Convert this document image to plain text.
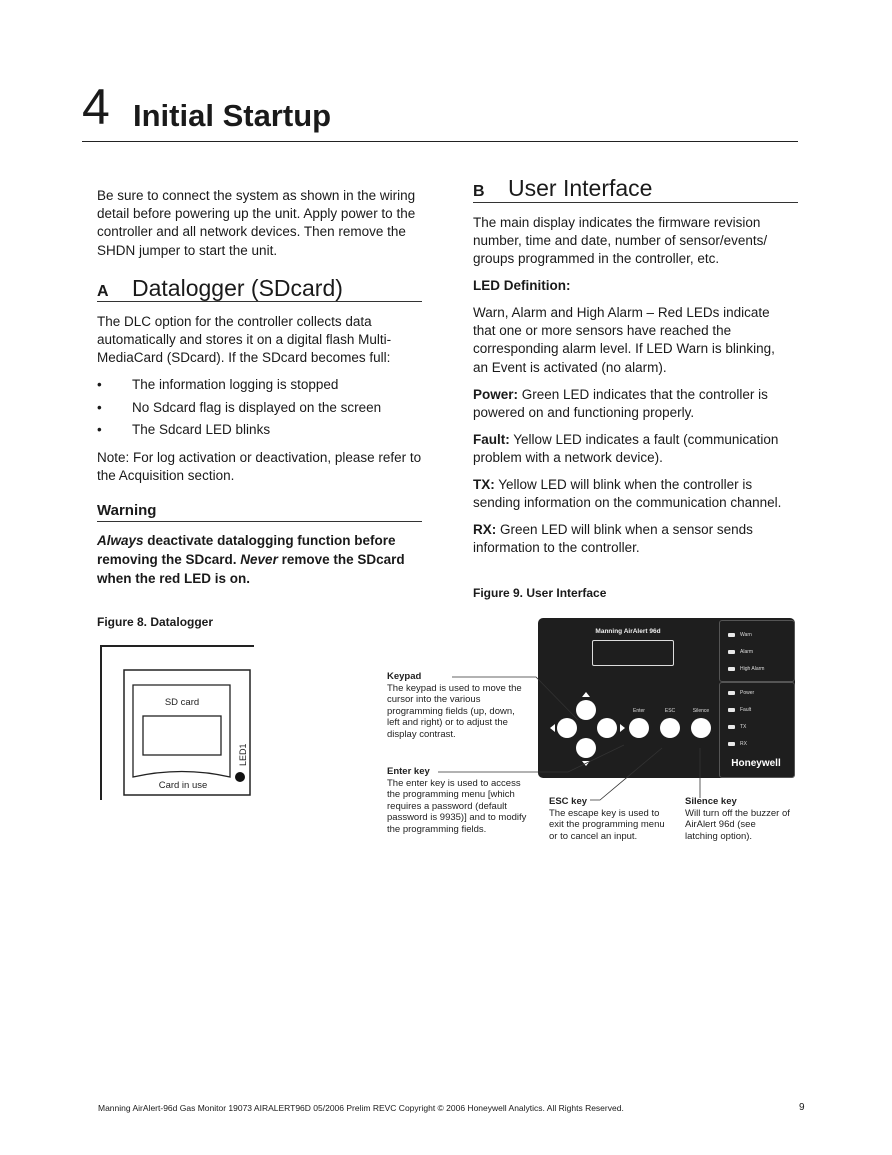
4 Initial Startup
Be sure to connect the system as shown in the wiring detail before powering up the unit. Apply power to the controller and all network devices. Then remove the SHDN jumper to start the unit.
A	Datalogger (SDcard)
The DLC option for the controller collects data automatically and stores it on a digital flash Multi-MediaCard (SDcard). If the SDcard becomes full:
• The information logging is stopped
• No Sdcard flag is displayed on the screen
• The Sdcard LED blinks
Note: For log activation or deactivation, please refer to the Acquisition section.
Warning
Always deactivate datalogging function before removing the SDcard. Never remove the SDcard when the red LED is on.
Figure 8. Datalogger
SD card
Card in use
LED1
B	User Interface
The main display indicates the firmware revision number, time and date, number of sensor/events/ groups programmed in the controller, etc.
LED Definition:
Warn, Alarm and High Alarm – Red LEDs indicate that one or more sensors have reached the corresponding alarm level. If LED Warn is blinking, an Event is activated (no alarm).
Power: Green LED indicates that the controller is powered on and functioning properly.
Fault: Yellow LED indicates a fault (communication problem with a network device).
TX: Yellow LED will blink when the controller is sending information on the communication channel.
RX: Green LED will blink when a sensor sends information to the controller.
Figure 9. User Interface
Manning AirAlert 96d
Enter	ESC	Silence
Warn
Alarm
High Alarm
Power
Fault
TX
RX
Honeywell
Keypad
The keypad is used to move the cursor into the various programming fields (up, down, left and right) or to adjust the display contrast.
Enter key
The enter key is used to access the programming menu [which requires a password (default password is 9935)] and to modify the programming fields.
ESC key
The escape key is used to exit the programming menu or to cancel an input.
Silence key
Will turn off the buzzer of AirAlert 96d (see latching option).
Manning AirAlert-96d Gas Monitor 19073 AIRALERT96D 05/2006 Prelim REVC Copyright © 2006 Honeywell Analytics. All Rights Reserved.	9
